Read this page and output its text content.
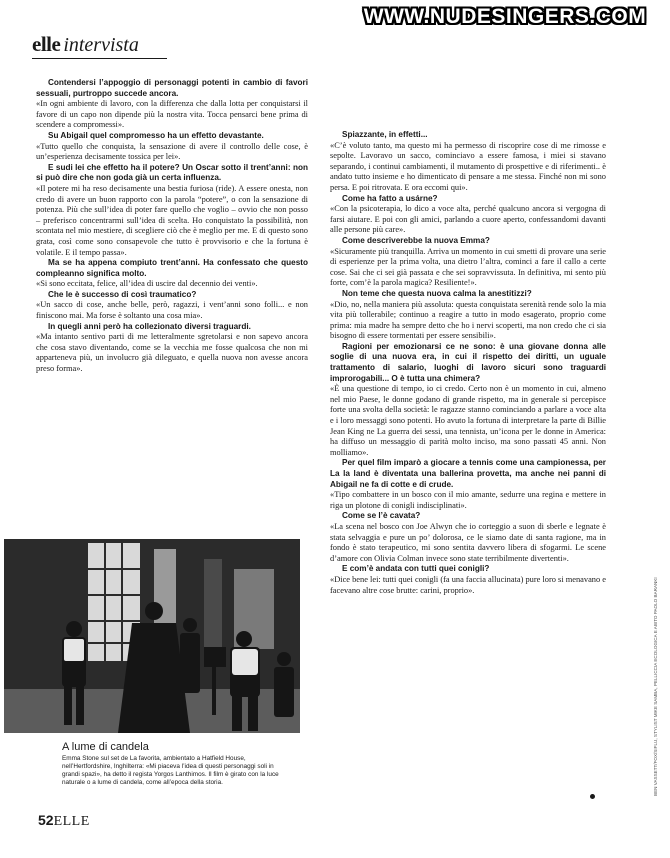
WWW.NUDESINGERS.COM
elle intervista

Contendersi l’appoggio di personaggi potenti in cambio di favori sessuali, purtroppo succede ancora.

«In ogni ambiente di lavoro, con la differenza che dalla lotta per conquistarsi il favore di un capo non dipende più la nostra vita. Tocca pensarci bene prima di scendere a compromessi».

Su Abigail quel compromesso ha un effetto devastante.

«Tutto quello che conquista, la sensazione di avere il controllo delle cose, è un’esperienza decisamente tossica per lei».

E sudi lei che effetto ha il potere? Un Oscar sotto il trent’anni: non si può dire che non goda già un certa influenza.

«Il potere mi ha reso decisamente una bestia furiosa (ride). A essere onesta, non credo di avere un buon rapporto con la parola “potere”, o con la sensazione di potenza. Più che sull’idea di poter fare quello che voglio – ovvio che non posso – preferisco concentrarmi sull’idea di scelta. Ho conquistato la possibilità, non scontata nel mio mestiere, di scegliere ciò che è meglio per me. E di questo sono grata, così come sono consapevole che tutto è provvisorio e che la fortuna è volatile. E il tempo passa».

Ma se ha appena compiuto trent’anni. Ha confessato che questo compleanno significa molto.

«Si sono eccitata, felice, all’idea di uscire dal decennio dei venti».

Che le è successo di così traumatico?

«Un sacco di cose, anche belle, però, ragazzi, i vent’anni sono folli... e non finiscono mai. Ma forse è soltanto una cosa mia».

In quegli anni però ha collezionato diversi traguardi.

«Ma intanto sentivo parti di me letteralmente sgretolarsi e non sapevo ancora che cosa stavo diventando, come se la vecchia me fosse qualcosa che non mi apparteneva più, un involucro già dileguato, e quella nuova non avesse ancora preso forma».

Spiazzante, in effetti...

«C’è voluto tanto, ma questo mi ha permesso di riscoprire cose di me rimosse e sepolte. Lavoravo un sacco, cominciavo a essere famosa, i miei si stavano separando, i continui cambiamenti, il mutamento di prospettive e di riferimenti.. è andato tutto insieme e ho dimenticato di pensare a me stessa. Finché non mi sono persa. E poi ritrovata. E ora eccomi qui».

Come ha fatto a usárne?

«Con la psicoterapia, lo dico a voce alta, perché qualcuno ancora si vergogna di farsi aiutare. E poi con gli amici, parlando a cuore aperto, confessandomi davanti alle persone più care».

Come descriverebbe la nuova Emma?

«Sicuramente più tranquilla. Arriva un momento in cui smetti di provare una serie di esperienze per la prima volta, una dietro l’altra, cominci a fare il callo a certe cose. Sai che ci sei già passata e che sei sopravvissuta. In definitiva, mi sento più forte, com’è la parola magica? Resiliente!».

Non teme che questa nuova calma la anestitizzi?

«Dio, no, nella maniera più assoluta: questa conquistata serenità rende solo la mia vita più tollerabile; continuo a reagire a tutto in modo esagerato, proprio come prima: mia madre ha sempre detto che ho i nervi scoperti, ma non credo che ci sia bisogno di essere tormentati per essere sensibili».

Ragioni per emozionarsi ce ne sono: è una giovane donna alle soglie di una nuova era, in cui il rispetto dei diritti, un uguale trattamento di salario, luoghi di lavoro sicuri sono traguardi improrogabili... O è tutta una chimera?

«È una questione di tempo, io ci credo. Certo non è un momento in cui, almeno nel mio Paese, le donne godano di grande rispetto, ma in generale si percepisce forte una svolta della società: le ragazze stanno cominciando a parlare a voce alta e i loro messaggi sono potenti. Ho avuto la fortuna di interpretare la parte di Billie Jean King ne La guerra dei sessi, una tennista, un’icona per le donne in America: ha diffuso un messaggio di parità molto inciso, ma sono passati 45 anni. Non molliamo».

Per quel film imparò a giocare a tennis come una campionessa, per La la land è diventata una ballerina provetta, ma anche nei panni di Abigail ne fa di cotte e di crude.

«Tipo combattere in un bosco con il mio amante, sedurre una regina e mettere in riga un plotone di conigli indisciplinati».

Come se l’è cavata?

«La scena nel bosco con Joe Alwyn che io corteggio a suon di sberle e legnate è stata selvaggia e pure un po’ dolorosa, ce le siamo date di santa ragione, ma in fondo è stato terapeutico, mi sono sentita davvero libera di sfogarmi. Le scene d’amore con Olivia Colman invece sono state terribilmente divertenti».

E com’è andata con tutti quei conigli?

«Dice bene lei: tutti quei conigli (fa una faccia allucinata) pure loro si menavano e facevano altre cose brutte: carini, proprio».

A lume di candela
Emma Stone sul set de La favorita, ambientato a Hatfield House, nell’Hertfordshire, Inghilterra: «Mi piaceva l’idea di questi personaggi soli in grandi spazi», ha detto il regista Yorgos Lanthimos. Il film è girato con la luce naturale o a lume di candela, come all’epoca della storia.
52ELLE
BEN VASSETT/FOX/SIFLU, STYLIST MIKE SAMBA, PELLICCIA ECOLOGICA E ABITO PAOLO BARANKI
